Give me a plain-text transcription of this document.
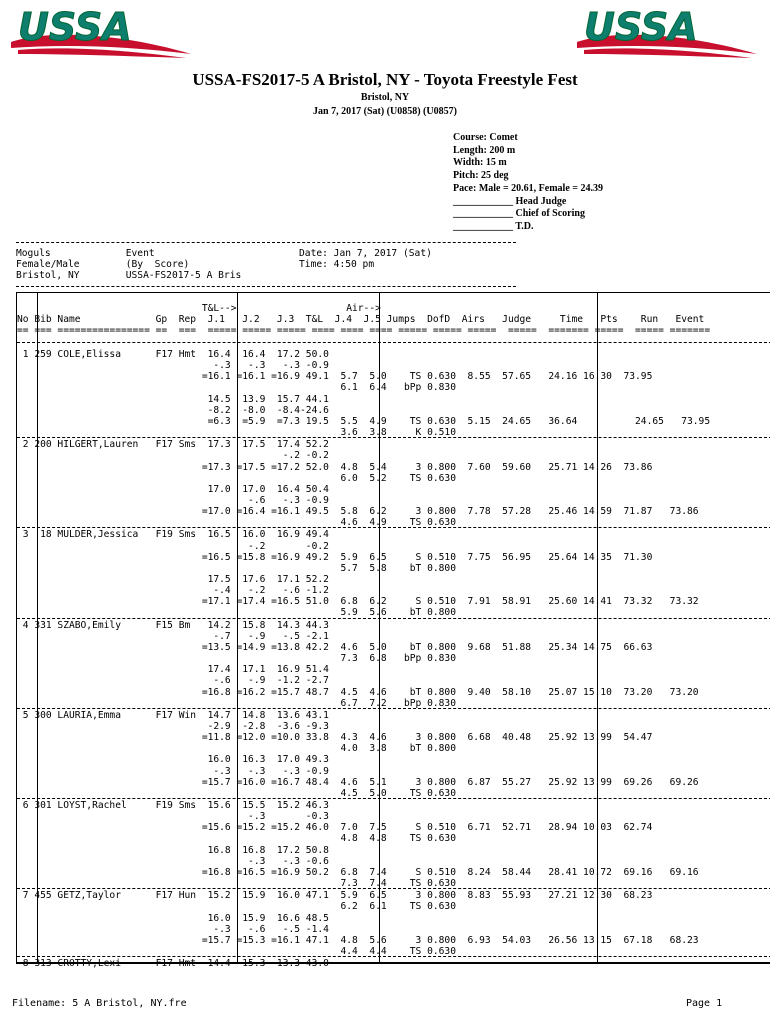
USSA	USSA
USSA-FS2017-5 A Bristol, NY - Toyota Freestyle Fest
Bristol, NY
Jan 7, 2017 (Sat) (U0858) (U0857)
Course: Comet
Length: 200 m
Width: 15 m
Pitch: 25 deg
Pace: Male = 20.61, Female = 24.39
____________ Head Judge
____________ Chief of Scoring
____________ T.D.
Moguls             Event                         Date: Jan 7, 2017 (Sat)
Female/Male        (By  Score)                   Time: 4:50 pm
Bristol, NY        USSA-FS2017-5 A Bris
T&L-->                   Air-->
No Bib Name             Gp  Rep  J.1   J.2   J.3  T&L  J.4  J.5 Jumps  DofD  Airs   Judge     Time   Pts    Run   Event
== === ================ ==  ===  ===== ===== ===== ==== ==== ==== ===== ===== =====  =====  ======= =====  ===== =======
1 259 COLE,Elissa      F17 Hmt  16.4  16.4  17.2 50.0
-.3   -.3   -.3 -0.9
=16.1 =16.1 =16.9 49.1  5.7  5.0    TS 0.630  8.55  57.65   24.16 16.30  73.95
6.1  6.4   bPp 0.830
14.5  13.9  15.7 44.1
-8.2  -8.0  -8.4-24.6
=6.3  =5.9  =7.3 19.5  5.5  4.9    TS 0.630  5.15  24.65   36.64          24.65   73.95
3.6  3.8     K 0.510
2 200 HILGERT,Lauren   F17 Sms  17.3  17.5  17.4 52.2
-.2 -0.2
=17.3 =17.5 =17.2 52.0  4.8  5.4     3 0.800  7.60  59.60   25.71 14.26  73.86
6.0  5.2    TS 0.630
17.0  17.0  16.4 50.4
-.6   -.3 -0.9
=17.0 =16.4 =16.1 49.5  5.8  6.2     3 0.800  7.78  57.28   25.46 14.59  71.87   73.86
4.6  4.9    TS 0.630
3  18 MULDER,Jessica   F19 Sms  16.5  16.0  16.9 49.4
-.2       -0.2
=16.5 =15.8 =16.9 49.2  5.9  6.5     S 0.510  7.75  56.95   25.64 14.35  71.30
5.7  5.8    bT 0.800
17.5  17.6  17.1 52.2
-.4   -.2   -.6 -1.2
=17.1 =17.4 =16.5 51.0  6.8  6.2     S 0.510  7.91  58.91   25.60 14.41  73.32   73.32
5.9  5.6    bT 0.800
4 331 SZABO,Emily      F15 Bm   14.2  15.8  14.3 44.3
-.7   -.9   -.5 -2.1
=13.5 =14.9 =13.8 42.2  4.6  5.0    bT 0.800  9.68  51.88   25.34 14.75  66.63
7.3  6.8   bPp 0.830
17.4  17.1  16.9 51.4
-.6   -.9  -1.2 -2.7
=16.8 =16.2 =15.7 48.7  4.5  4.6    bT 0.800  9.40  58.10   25.07 15.10  73.20   73.20
6.7  7.2   bPp 0.830
5 300 LAURIA,Emma      F17 Win  14.7  14.8  13.6 43.1
-2.9  -2.8  -3.6 -9.3
=11.8 =12.0 =10.0 33.8  4.3  4.6     3 0.800  6.68  40.48   25.92 13.99  54.47
4.0  3.8    bT 0.800
16.0  16.3  17.0 49.3
-.3   -.3   -.3 -0.9
=15.7 =16.0 =16.7 48.4  4.6  5.1     3 0.800  6.87  55.27   25.92 13.99  69.26   69.26
4.5  5.0    TS 0.630
6 301 LOYST,Rachel     F19 Sms  15.6  15.5  15.2 46.3
-.3       -0.3
=15.6 =15.2 =15.2 46.0  7.0  7.5     S 0.510  6.71  52.71   28.94 10.03  62.74
4.8  4.8    TS 0.630
16.8  16.8  17.2 50.8
-.3   -.3 -0.6
=16.8 =16.5 =16.9 50.2  6.8  7.4     S 0.510  8.24  58.44   28.41 10.72  69.16   69.16
7.3  7.4    TS 0.630
7 455 GETZ,Taylor      F17 Hun  15.2  15.9  16.0 47.1  5.9  6.5     3 0.800  8.83  55.93   27.21 12.30  68.23
6.2  6.1    TS 0.630
16.0  15.9  16.6 48.5
-.3   -.6   -.5 -1.4
=15.7 =15.3 =16.1 47.1  4.8  5.6     3 0.800  6.93  54.03   26.56 13.15  67.18   68.23
4.4  4.4    TS 0.630
8 313 CROTTY,Lexi      F17 Hmt  14.4  15.3  13.3 43.0
Filename: 5 A Bristol, NY.fre	Page 1
